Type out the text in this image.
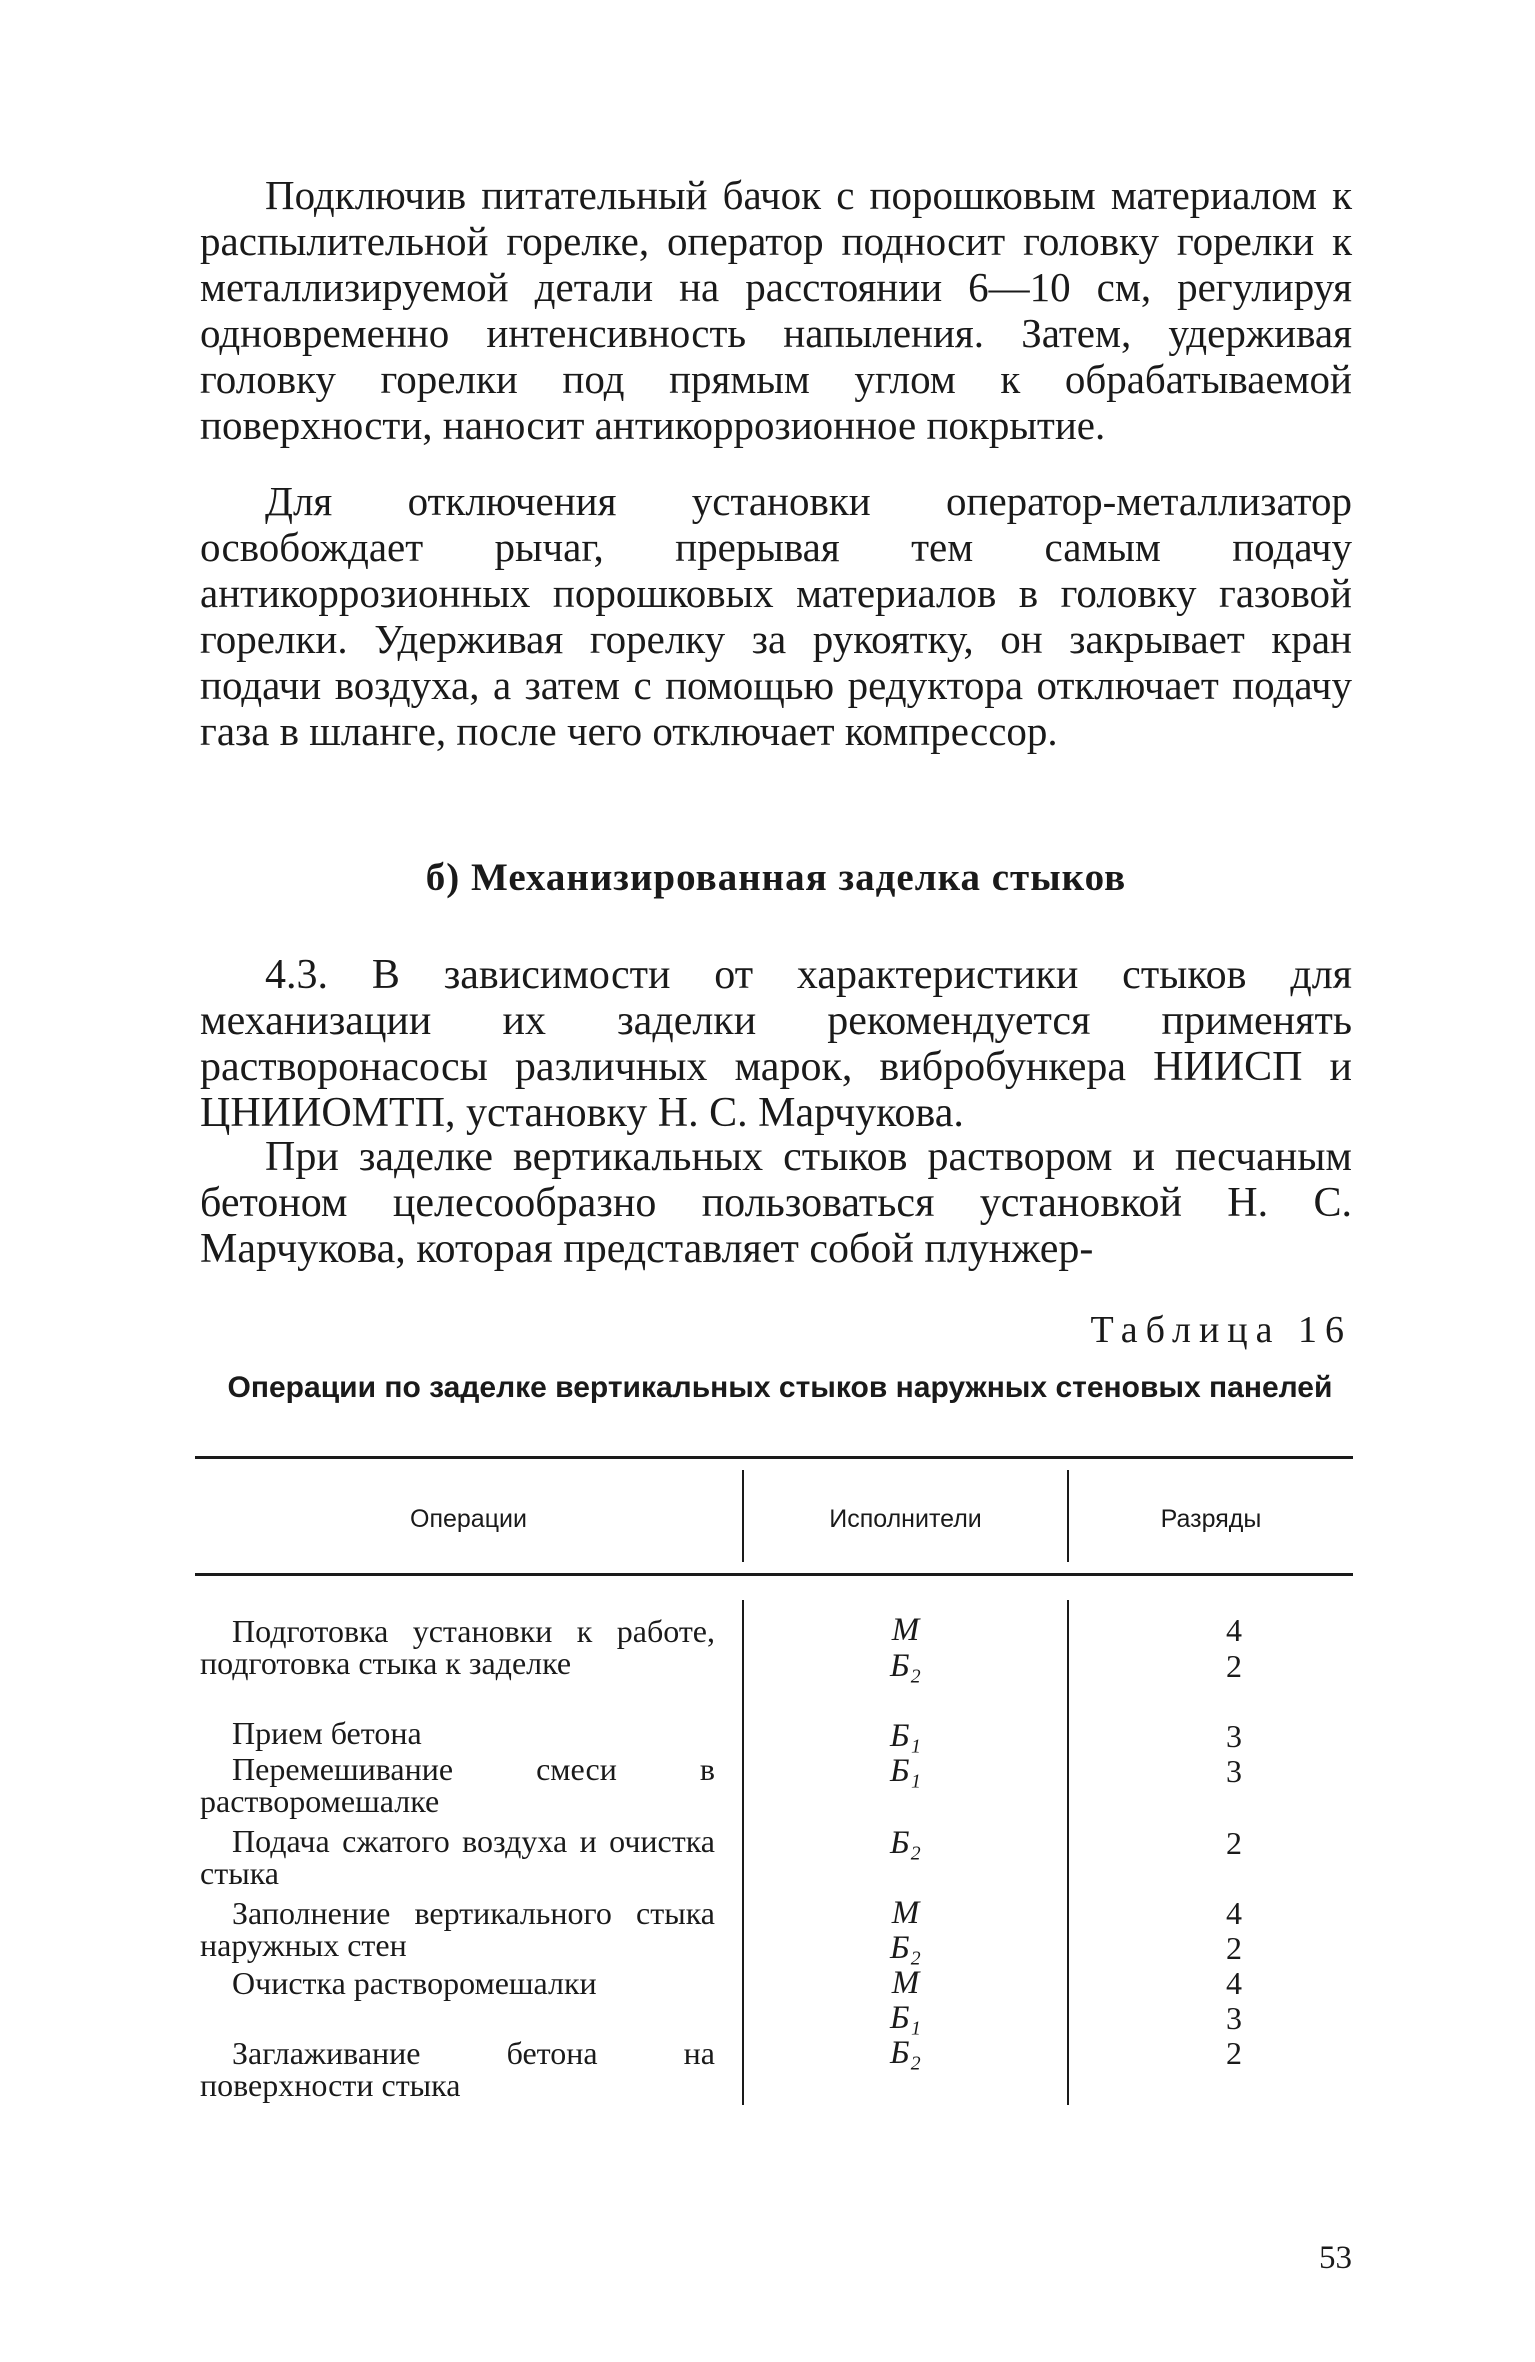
Подключив питательный бачок с порошковым материалом к распылительной горелке, оператор подносит головку горелки к металлизируемой детали на расстоянии 6—10 см, регулируя одновременно интенсивность напыления. Затем, удерживая головку горелки под прямым углом к обрабатываемой поверхности, наносит антикоррозионное покрытие.

Для отключения установки оператор-металлизатор освобождает рычаг, прерывая тем самым подачу антикоррозионных порошковых материалов в головку газовой горелки. Удерживая горелку за рукоятку, он закрывает кран подачи воздуха, а затем с помощью редуктора отключает подачу газа в шланге, после чего отключает компрессор.

б) Механизированная заделка стыков

4.3. В зависимости от характеристики стыков для механизации их заделки рекомендуется применять растворонасосы различных марок, вибробункера НИИСП и ЦНИИОМТП, установку Н. С. Марчукова.

При заделке вертикальных стыков раствором и песчаным бетоном целесообразно пользоваться установкой Н. С. Марчукова, которая представляет собой плунжер-

Таблица 16

Операции по заделке вертикальных стыков наружных стеновых панелей

Операции	Исполнители	Разряды

Подготовка установки к работе, подготовка стыка к заделке

Прием бетона

Перемешивание смеси в растворомешалке

Подача сжатого воздуха и очистка стыка

Заполнение вертикального стыка наружных стен

Очистка растворомешалки

Заглаживание бетона на поверхности стыка

М

Б₂

Б₁

Б₁

Б₂

М

Б₂

М

Б₁

Б₂

4

2

3

3

2

4

2

4

3

2

53
